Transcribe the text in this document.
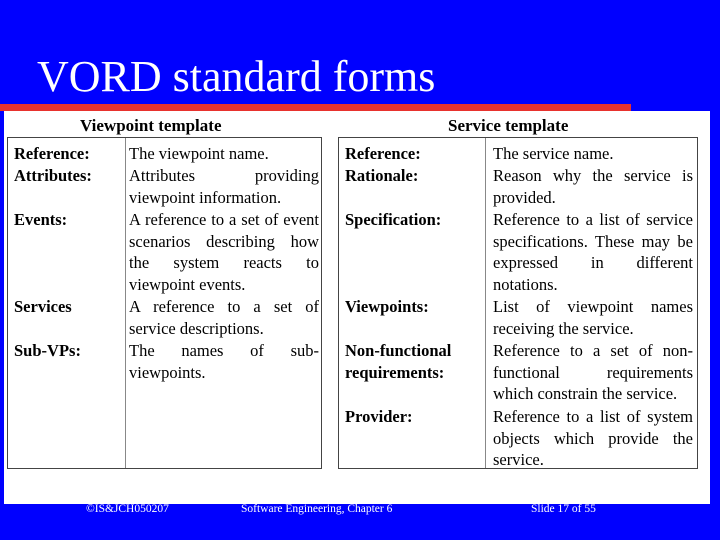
VORD standard forms
Viewpoint template
Reference: The viewpoint name.
Attributes: Attributes providing viewpoint information.
Events:	A reference to a set of event scenarios describing how the system reacts to viewpoint events.
Services	A reference to a set of service descriptions.
Sub-VPs:	The names of sub-viewpoints.
Service template
Reference:	The service name.
Rationale:	Reason why the service is provided.
Specification:	Reference to a list of service specifications. These may be expressed in different notations.
Viewpoints:	List of viewpoint names receiving the service.
Non-functional requirements:
Reference to a set of non-functional requirements which constrain the service.
Provider:	Reference to a list of system objects which provide the service.
©IS&JCH050207	Software Engineering, Chapter 6	Slide 17 of 55
